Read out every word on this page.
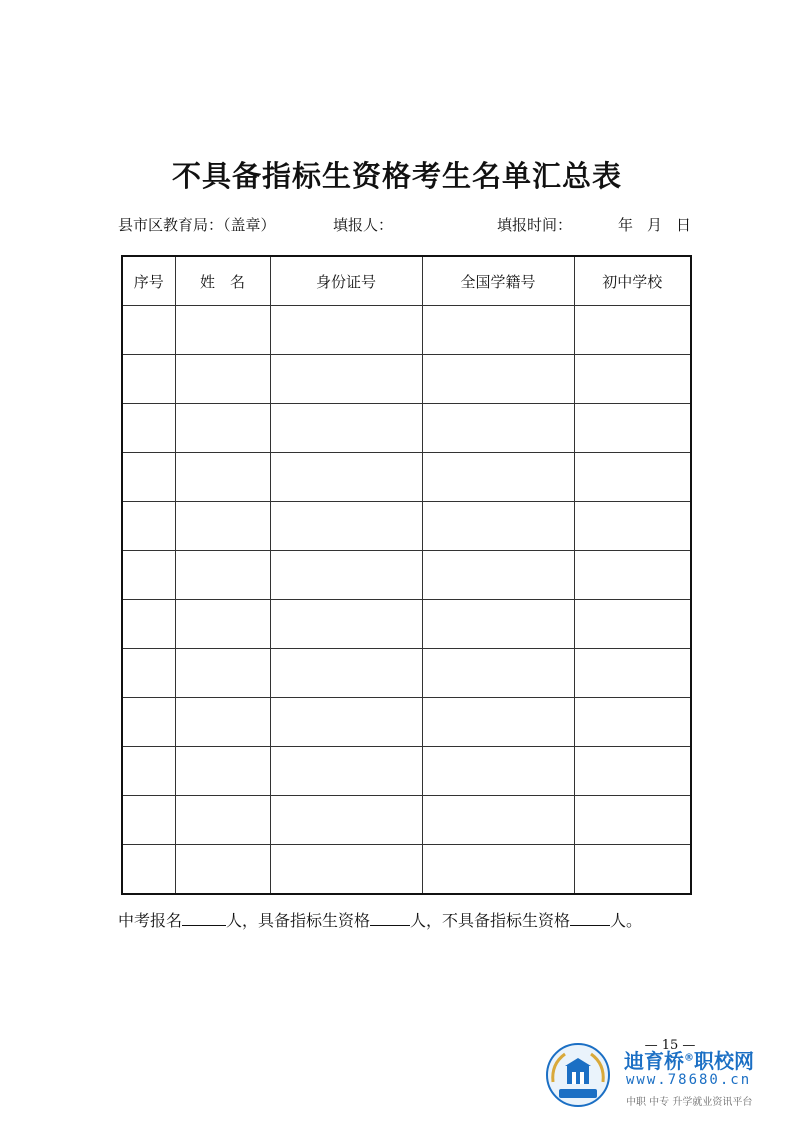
不具备指标生资格考生名单汇总表
县市区教育局：（盖章）	填报人：	填报时间：	年 月 日
序号	姓　名	身份证号	全国学籍号	初中学校

中考报名	人，具备指标生资格	人，不具备指标生资格	人。
— 15 —
迪育桥®职校网
www.78680.cn
中职 中专 升学就业资讯平台
